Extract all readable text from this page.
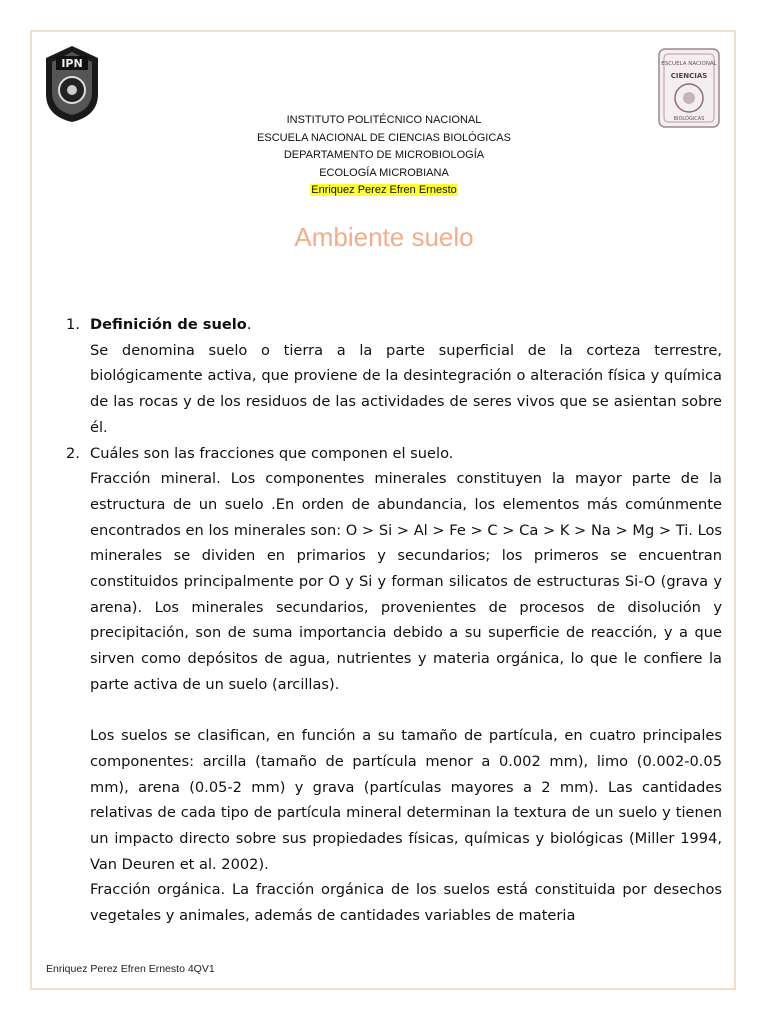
IPN	ESCUELA NACIONAL
CIENCIAS
BIOLÓGICAS
INSTITUTO POLITÉCNICO NACIONAL
ESCUELA NACIONAL DE CIENCIAS BIOLÓGICAS
DEPARTAMENTO DE MICROBIOLOGÍA
ECOLOGÍA MICROBIANA
Enriquez Perez Efren Ernesto
Ambiente suelo
1. Definición de suelo.

Se denomina suelo o tierra a la parte superficial de la corteza terrestre, biológicamente activa, que proviene de la desintegración o alteración física y química de las rocas y de los residuos de las actividades de seres vivos que se asientan sobre él.

2. Cuáles son las fracciones que componen el suelo.

Fracción mineral. Los componentes minerales constituyen la mayor parte de la estructura de un suelo .En orden de abundancia, los elementos más comúnmente encontrados en los minerales son: O > Si > Al > Fe > C > Ca > K > Na > Mg > Ti. Los minerales se dividen en primarios y secundarios; los primeros se encuentran constituidos principalmente por O y Si y forman silicatos de estructuras Si-O (grava y arena). Los minerales secundarios, provenientes de procesos de disolución y precipitación, son de suma importancia debido a su superficie de reacción, y a que sirven como depósitos de agua, nutrientes y materia orgánica, lo que le confiere la parte activa de un suelo (arcillas).

Los suelos se clasifican, en función a su tamaño de partícula, en cuatro principales componentes: arcilla (tamaño de partícula menor a 0.002 mm), limo (0.002-0.05 mm), arena (0.05-2 mm) y grava (partículas mayores a 2 mm). Las cantidades relativas de cada tipo de partícula mineral determinan la textura de un suelo y tienen un impacto directo sobre sus propiedades físicas, químicas y biológicas (Miller 1994, Van Deuren et al. 2002).

Fracción orgánica. La fracción orgánica de los suelos está constituida por desechos vegetales y animales, además de cantidades variables de materia

Enriquez Perez Efren Ernesto 4QV1
